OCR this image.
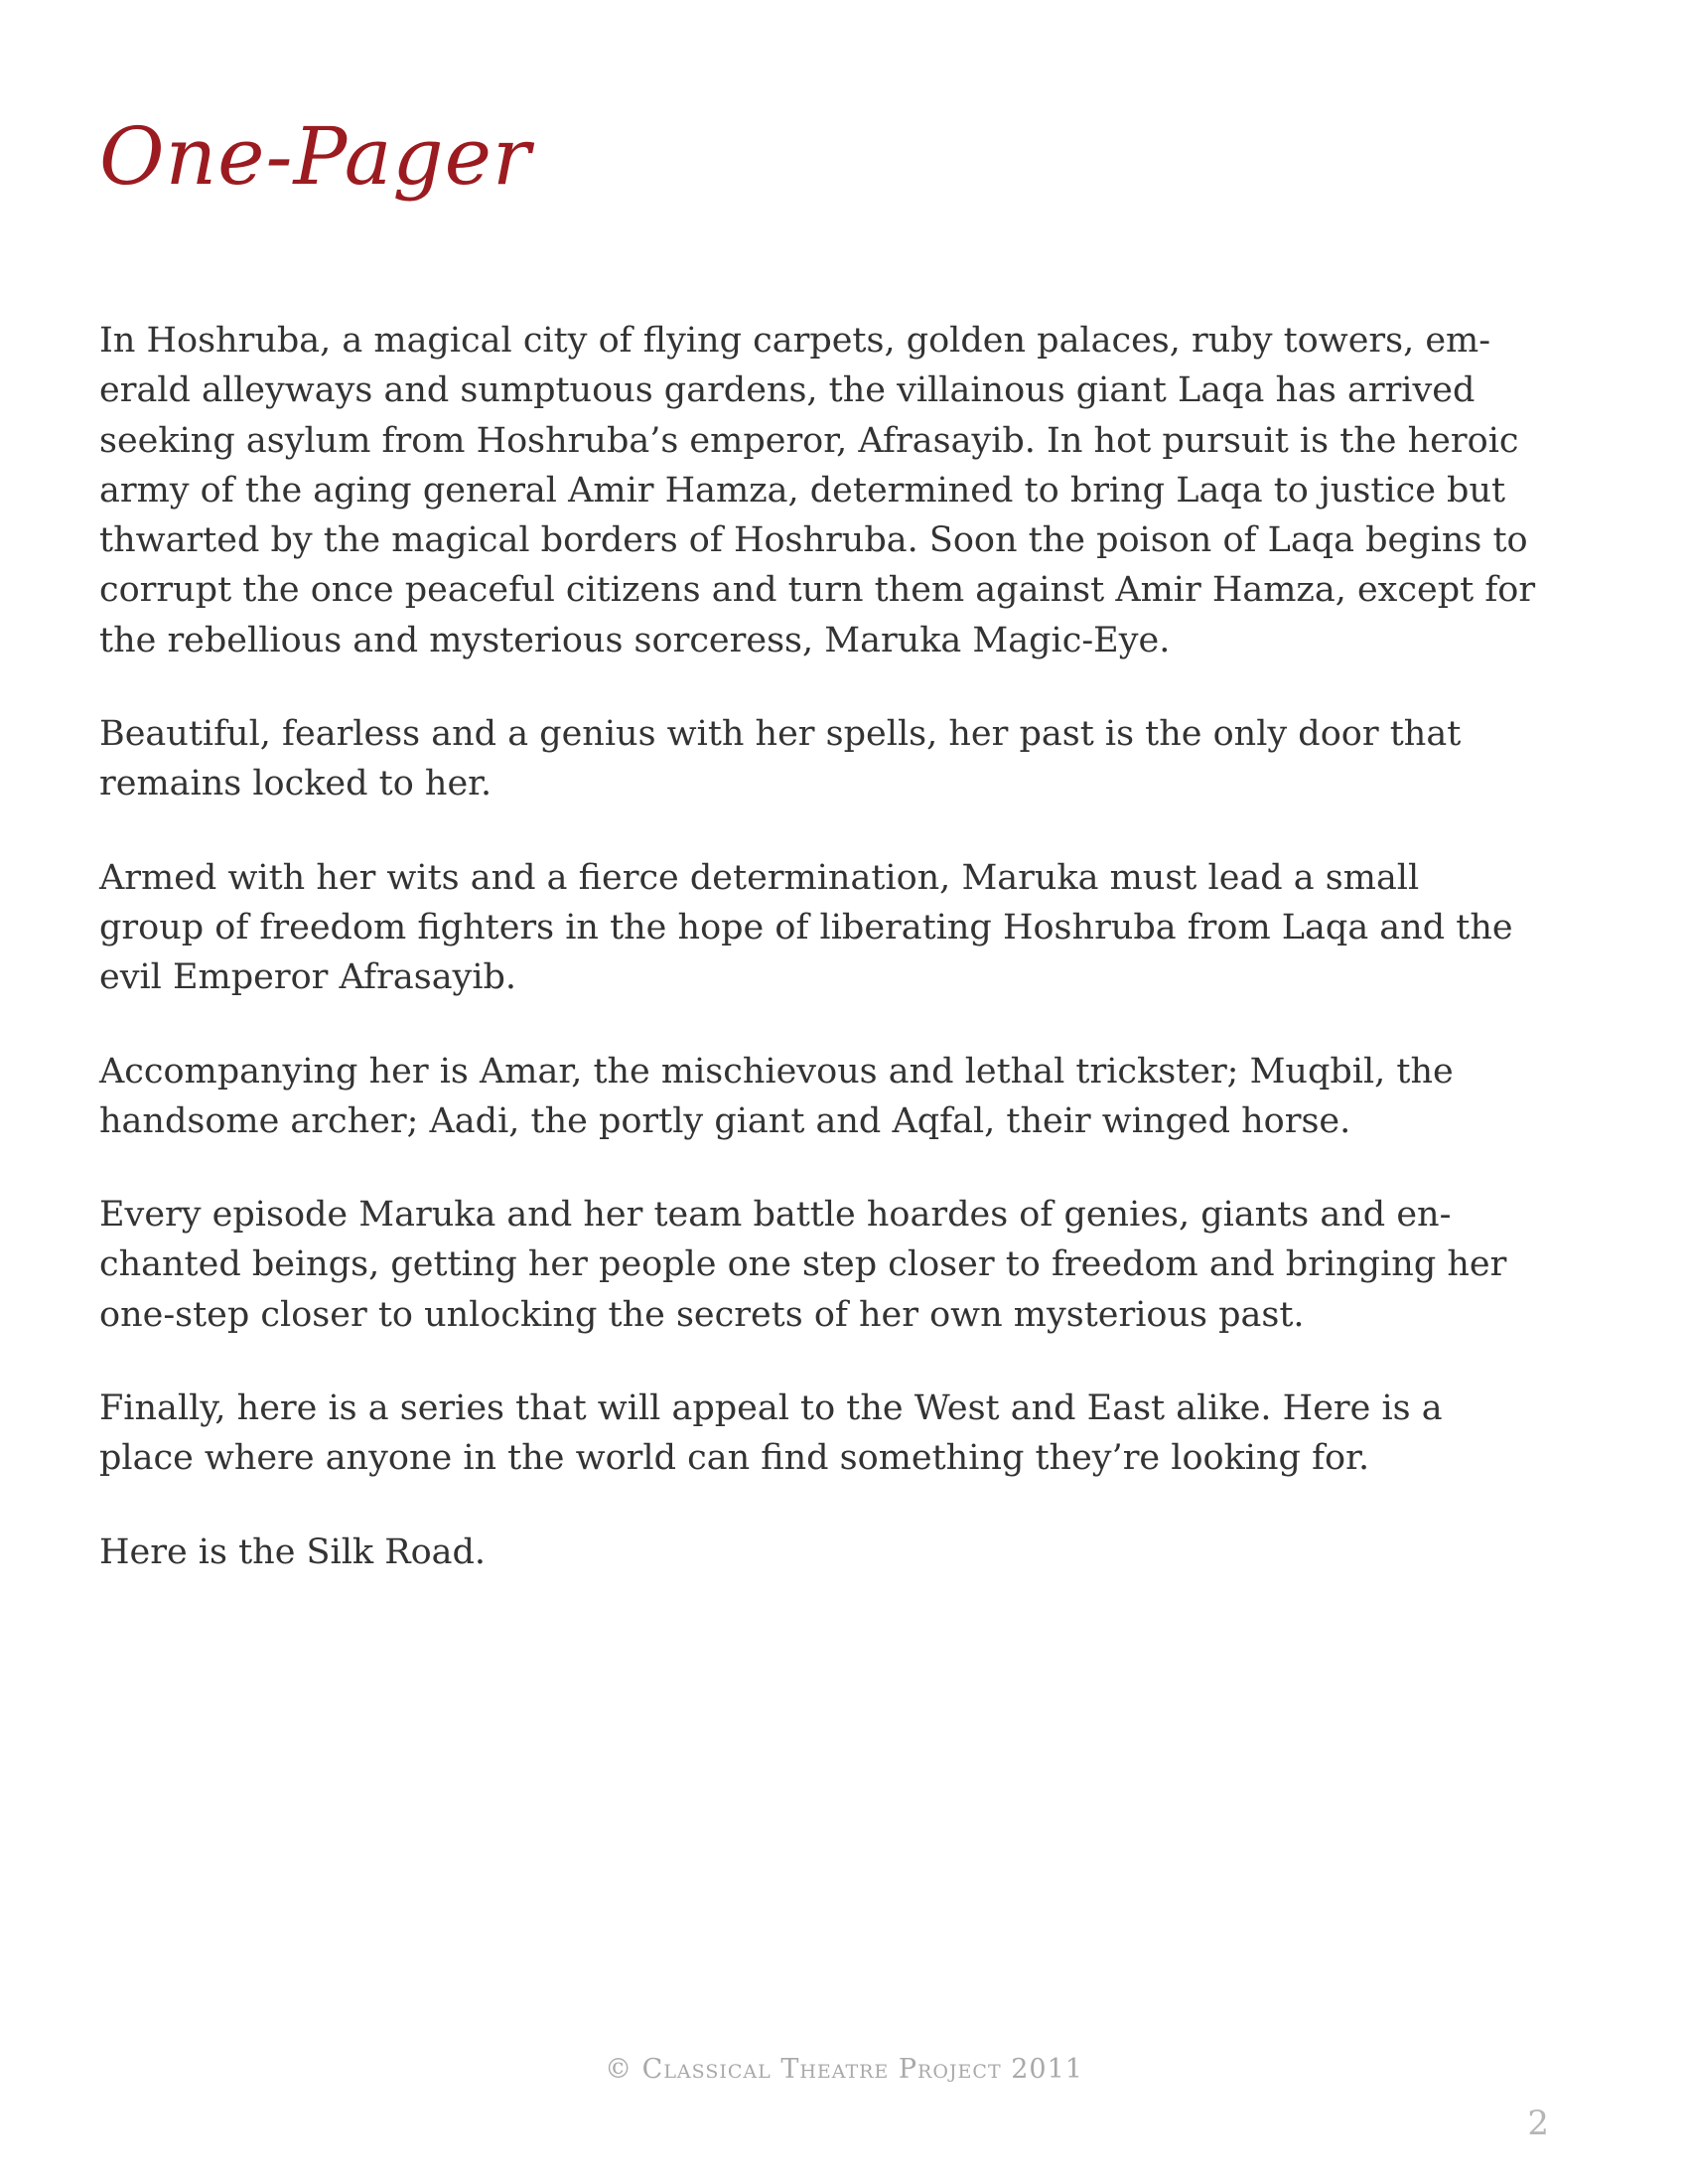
One-Pager

In Hoshruba, a magical city of flying carpets, golden palaces, ruby towers, em-
erald alleyways and sumptuous gardens, the villainous giant Laqa has arrived
seeking asylum from Hoshruba’s emperor, Afrasayib. In hot pursuit is the heroic
army of the aging general Amir Hamza, determined to bring Laqa to justice but
thwarted by the magical borders of Hoshruba. Soon the poison of Laqa begins to
corrupt the once peaceful citizens and turn them against Amir Hamza, except for
the rebellious and mysterious sorceress, Maruka Magic-Eye.

Beautiful, fearless and a genius with her spells, her past is the only door that
remains locked to her.

Armed with her wits and a fierce determination, Maruka must lead a small
group of freedom fighters in the hope of liberating Hoshruba from Laqa and the
evil Emperor Afrasayib.

Accompanying her is Amar, the mischievous and lethal trickster; Muqbil, the
handsome archer; Aadi, the portly giant and Aqfal, their winged horse.

Every episode Maruka and her team battle hoardes of genies, giants and en-
chanted beings, getting her people one step closer to freedom and bringing her
one-step closer to unlocking the secrets of her own mysterious past.

Finally, here is a series that will appeal to the West and East alike. Here is a
place where anyone in the world can find something they’re looking for.

Here is the Silk Road.

© Classical Theatre Project 2011
2
